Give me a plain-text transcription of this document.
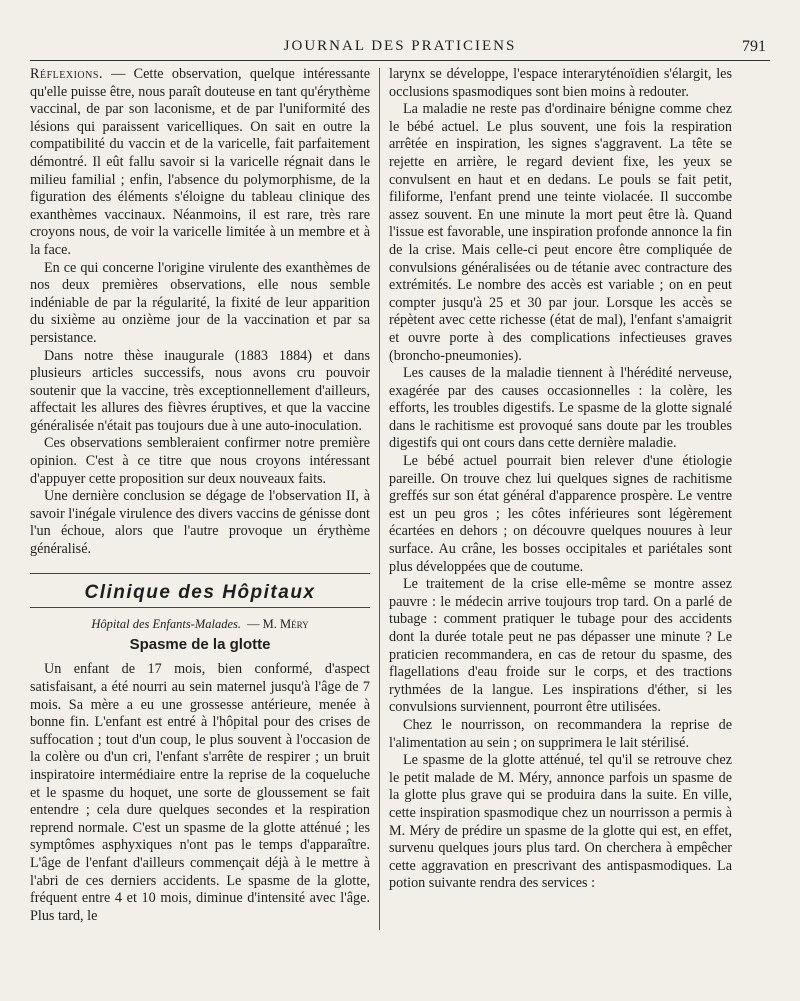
JOURNAL DES PRATICIENS	791

Réflexions. — Cette observation, quelque intéressante qu'elle puisse être, nous paraît douteuse en tant qu'érythème vaccinal, de par son laconisme, et de par l'uniformité des lésions qui paraissent varicelliques. On sait en outre la compatibilité du vaccin et de la varicelle, fait parfaitement démontré. Il eût fallu savoir si la varicelle régnait dans le milieu familial ; enfin, l'absence du polymorphisme, de la figuration des éléments s'éloigne du tableau clinique des exanthèmes vaccinaux. Néanmoins, il est rare, très rare croyons nous, de voir la varicelle limitée à un membre et à la face.

En ce qui concerne l'origine virulente des exanthèmes de nos deux premières observations, elle nous semble indéniable de par la régularité, la fixité de leur apparition du sixième au onzième jour de la vaccination et par sa persistance.

Dans notre thèse inaugurale (1883 1884) et dans plusieurs articles successifs, nous avons cru pouvoir soutenir que la vaccine, très exceptionnellement d'ailleurs, affectait les allures des fièvres éruptives, et que la vaccine généralisée n'était pas toujours due à une auto-inoculation.

Ces observations sembleraient confirmer notre première opinion. C'est à ce titre que nous croyons intéressant d'appuyer cette proposition sur deux nouveaux faits.

Une dernière conclusion se dégage de l'observation II, à savoir l'inégale virulence des divers vaccins de génisse dont l'un échoue, alors que l'autre provoque un érythème généralisé.

Clinique des Hôpitaux
Hôpital des Enfants-Malades. — M. Méry
Spasme de la glotte

Un enfant de 17 mois, bien conformé, d'aspect satisfaisant, a été nourri au sein maternel jusqu'à l'âge de 7 mois. Sa mère a eu une grossesse antérieure, menée à bonne fin. L'enfant est entré à l'hôpital pour des crises de suffocation ; tout d'un coup, le plus souvent à l'occasion de la colère ou d'un cri, l'enfant s'arrête de respirer ; un bruit inspiratoire intermédiaire entre la reprise de la coqueluche et le spasme du hoquet, une sorte de gloussement se fait entendre ; cela dure quelques secondes et la respiration reprend normale. C'est un spasme de la glotte atténué ; les symptômes asphyxiques n'ont pas le temps d'apparaître. L'âge de l'enfant d'ailleurs commençait déjà à le mettre à l'abri de ces derniers accidents. Le spasme de la glotte, fréquent entre 4 et 10 mois, diminue d'intensité avec l'âge. Plus tard, le

larynx se développe, l'espace interaryténoïdien s'élargit, les occlusions spasmodiques sont bien moins à redouter.

La maladie ne reste pas d'ordinaire bénigne comme chez le bébé actuel. Le plus souvent, une fois la respiration arrêtée en inspiration, les signes s'aggravent. La tête se rejette en arrière, le regard devient fixe, les yeux se convulsent en haut et en dedans. Le pouls se fait petit, filiforme, l'enfant prend une teinte violacée. Il succombe assez souvent. En une minute la mort peut être là. Quand l'issue est favorable, une inspiration profonde annonce la fin de la crise. Mais celle-ci peut encore être compliquée de convulsions généralisées ou de tétanie avec contracture des extrémités. Le nombre des accès est variable ; on en peut compter jusqu'à 25 et 30 par jour. Lorsque les accès se répètent avec cette richesse (état de mal), l'enfant s'amaigrit et ouvre porte à des complications infectieuses graves (broncho-pneumonies).

Les causes de la maladie tiennent à l'hérédité nerveuse, exagérée par des causes occasionnelles : la colère, les efforts, les troubles digestifs. Le spasme de la glotte signalé dans le rachitisme est provoqué sans doute par les troubles digestifs qui ont cours dans cette dernière maladie.

Le bébé actuel pourrait bien relever d'une étiologie pareille. On trouve chez lui quelques signes de rachitisme greffés sur son état général d'apparence prospère. Le ventre est un peu gros ; les côtes inférieures sont légèrement écartées en dehors ; on découvre quelques nouures à leur surface. Au crâne, les bosses occipitales et pariétales sont plus développées que de coutume.

Le traitement de la crise elle-même se montre assez pauvre : le médecin arrive toujours trop tard. On a parlé de tubage : comment pratiquer le tubage pour des accidents dont la durée totale peut ne pas dépasser une minute ? Le praticien recommandera, en cas de retour du spasme, des flagellations d'eau froide sur le corps, et des tractions rythmées de la langue. Les inspirations d'éther, si les convulsions surviennent, pourront être utilisées.

Chez le nourrisson, on recommandera la reprise de l'alimentation au sein ; on supprimera le lait stérilisé.

Le spasme de la glotte atténué, tel qu'il se retrouve chez le petit malade de M. Méry, annonce parfois un spasme de la glotte plus grave qui se produira dans la suite. En ville, cette inspiration spasmodique chez un nourrisson a permis à M. Méry de prédire un spasme de la glotte qui est, en effet, survenu quelques jours plus tard. On cherchera à empêcher cette aggravation en prescrivant des antispasmodiques. La potion suivante rendra des services :
